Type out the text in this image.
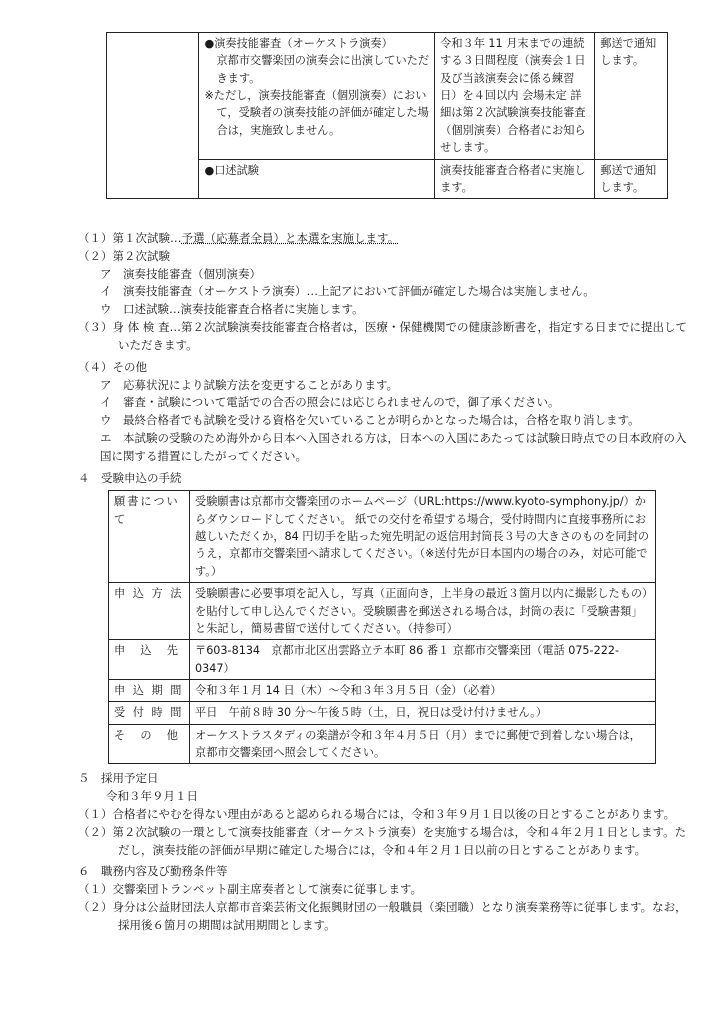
	●演奏技能審査（オーケストラ演奏）
京都市交響楽団の演奏会に出演していただきます。
※ただし，演奏技能審査（個別演奏）において，受験者の演奏技能の評価が確定した場合は，実施致しません。	令和３年 11 月末までの連続する３日間程度（演奏会１日及び当該演奏会に係る練習日）を４回以内 会場未定 詳細は第２次試験演奏技能審査（個別演奏）合格者にお知らせします。	郵送で通知します。

	●口述試験	演奏技能審査合格者に実施します。	郵送で通知します。

（１）第１次試験…予選（応募者全員）と本選を実施します。

（２）第２次試験

ア　演奏技能審査（個別演奏）

イ　演奏技能審査（オーケストラ演奏）…上記アにおいて評価が確定した場合は実施しません。

ウ　口述試験…演奏技能審査合格者に実施します。

（３）身 体 検 査…第２次試験演奏技能審査合格者は，医療・保健機関での健康診断書を，指定する日までに提出していただきます。

（４）その他

ア　応募状況により試験方法を変更することがあります。

イ　審査・試験について電話での合否の照会には応じられませんので，御了承ください。

ウ　最終合格者でも試験を受ける資格を欠いていることが明らかとなった場合は，合格を取り消します。

エ　本試験の受験のため海外から日本へ入国される方は，日本への入国にあたっては試験日時点での日本政府の入国に関する措置にしたがってください。

４　受験申込の手続

願書について	受験願書は京都市交響楽団のホームページ（URL:https://www.kyoto-symphony.jp/）からダウンロードしてください。 紙での交付を希望する場合，受付時間内に直接事務所にお越しいただくか，84 円切手を貼った宛先明記の返信用封筒長３号の大きさのものを同封のうえ，京都市交響楽団へ請求してください。（※送付先が日本国内の場合のみ，対応可能です。）
申 込 方 法	受験願書に必要事項を記入し，写真（正面向き，上半身の最近３箇月以内に撮影したもの）を貼付して申し込んでください。受験願書を郵送される場合は，封筒の表に「受験書類」と朱記し，簡易書留で送付してください。（持参可）
申　込　先	〒603-8134　京都市北区出雲路立テ本町 86 番１ 京都市交響楽団（電話 075-222-0347）
申 込 期 間	令和３年１月 14 日（木）～令和３年３月５日（金）（必着）
受 付 時 間	平日　午前８時 30 分～午後５時（土，日，祝日は受け付けません。）
そ　の　他	オーケストラスタディの楽譜が令和３年４月５日（月）までに郵便で到着しない場合は，京都市交響楽団へ照会してください。

５　採用予定日

令和３年９月１日

（１）合格者にやむを得ない理由があると認められる場合には，令和３年９月１日以後の日とすることがあります。

（２）第２次試験の一環として演奏技能審査（オーケストラ演奏）を実施する場合は，令和４年２月１日とします。ただし，演奏技能の評価が早期に確定した場合には，令和４年２月１日以前の日とすることがあります。

６　職務内容及び勤務条件等

（１）交響楽団トランペット副主席奏者として演奏に従事します。

（２）身分は公益財団法人京都市音楽芸術文化振興財団の一般職員（楽団職）となり演奏業務等に従事します。なお，採用後６箇月の期間は試用期間とします。
